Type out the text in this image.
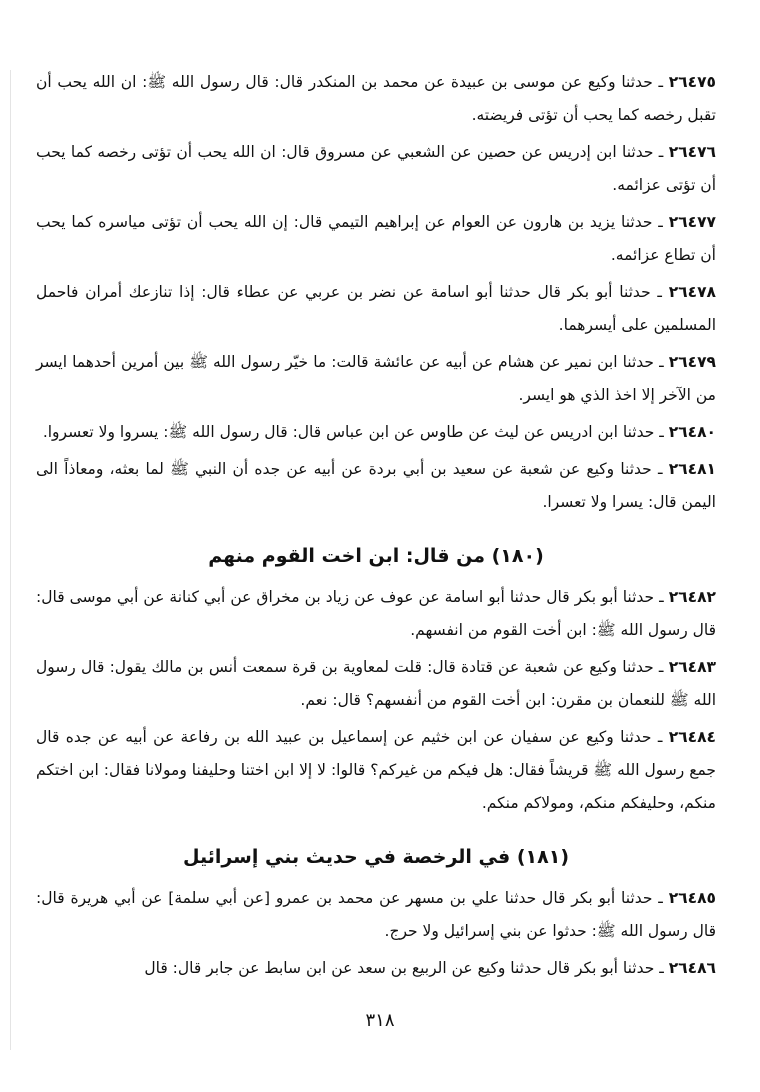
٢٦٤٧٥ ـ حدثنا وكيع عن موسى بن عبيدة عن محمد بن المنكدر قال: قال رسول الله ﷺ: ان الله يحب أن تقبل رخصه كما يحب أن تؤتى فريضته.

٢٦٤٧٦ ـ حدثنا ابن إدريس عن حصين عن الشعبي عن مسروق قال: ان الله يحب أن تؤتى رخصه كما يحب أن تؤتى عزائمه.

٢٦٤٧٧ ـ حدثنا يزيد بن هارون عن العوام عن إبراهيم التيمي قال: إن الله يحب أن تؤتى مياسره كما يحب أن تطاع عزائمه.

٢٦٤٧٨ ـ حدثنا أبو بكر قال حدثنا أبو اسامة عن نضر بن عربي عن عطاء قال: إذا تنازعك أمران فاحمل المسلمين على أيسرهما.

٢٦٤٧٩ ـ حدثنا ابن نمير عن هشام عن أبيه عن عائشة قالت: ما خيّر رسول الله ﷺ بين أمرين أحدهما ايسر من الآخر إلا اخذ الذي هو ايسر.

٢٦٤٨٠ ـ حدثنا ابن ادريس عن ليث عن طاوس عن ابن عباس قال: قال رسول الله ﷺ: يسروا ولا تعسروا.

٢٦٤٨١ ـ حدثنا وكيع عن شعبة عن سعيد بن أبي بردة عن أبيه عن جده أن النبي ﷺ لما بعثه، ومعاذاً الى اليمن قال: يسرا ولا تعسرا.

(١٨٠) من قال: ابن اخت القوم منهم

٢٦٤٨٢ ـ حدثنا أبو بكر قال حدثنا أبو اسامة عن عوف عن زياد بن مخراق عن أبي كنانة عن أبي موسى قال: قال رسول الله ﷺ: ابن أخت القوم من انفسهم.

٢٦٤٨٣ ـ حدثنا وكيع عن شعبة عن قتادة قال: قلت لمعاوية بن قرة سمعت أنس بن مالك يقول: قال رسول الله ﷺ للنعمان بن مقرن: ابن أخت القوم من أنفسهم؟ قال: نعم.

٢٦٤٨٤ ـ حدثنا وكيع عن سفيان عن ابن خثيم عن إسماعيل بن عبيد الله بن رفاعة عن أبيه عن جده قال جمع رسول الله ﷺ قريشاً فقال: هل فيكم من غيركم؟ قالوا: لا إلا ابن اختنا وحليفنا ومولانا فقال: ابن اختكم منكم، وحليفكم منكم، ومولاكم منكم.

(١٨١) في الرخصة في حديث بني إسرائيل

٢٦٤٨٥ ـ حدثنا أبو بكر قال حدثنا علي بن مسهر عن محمد بن عمرو [عن أبي سلمة] عن أبي هريرة قال: قال رسول الله ﷺ: حدثوا عن بني إسرائيل ولا حرج.

٢٦٤٨٦ ـ حدثنا أبو بكر قال حدثنا وكيع عن الربيع بن سعد عن ابن سابط عن جابر قال: قال

٣١٨
